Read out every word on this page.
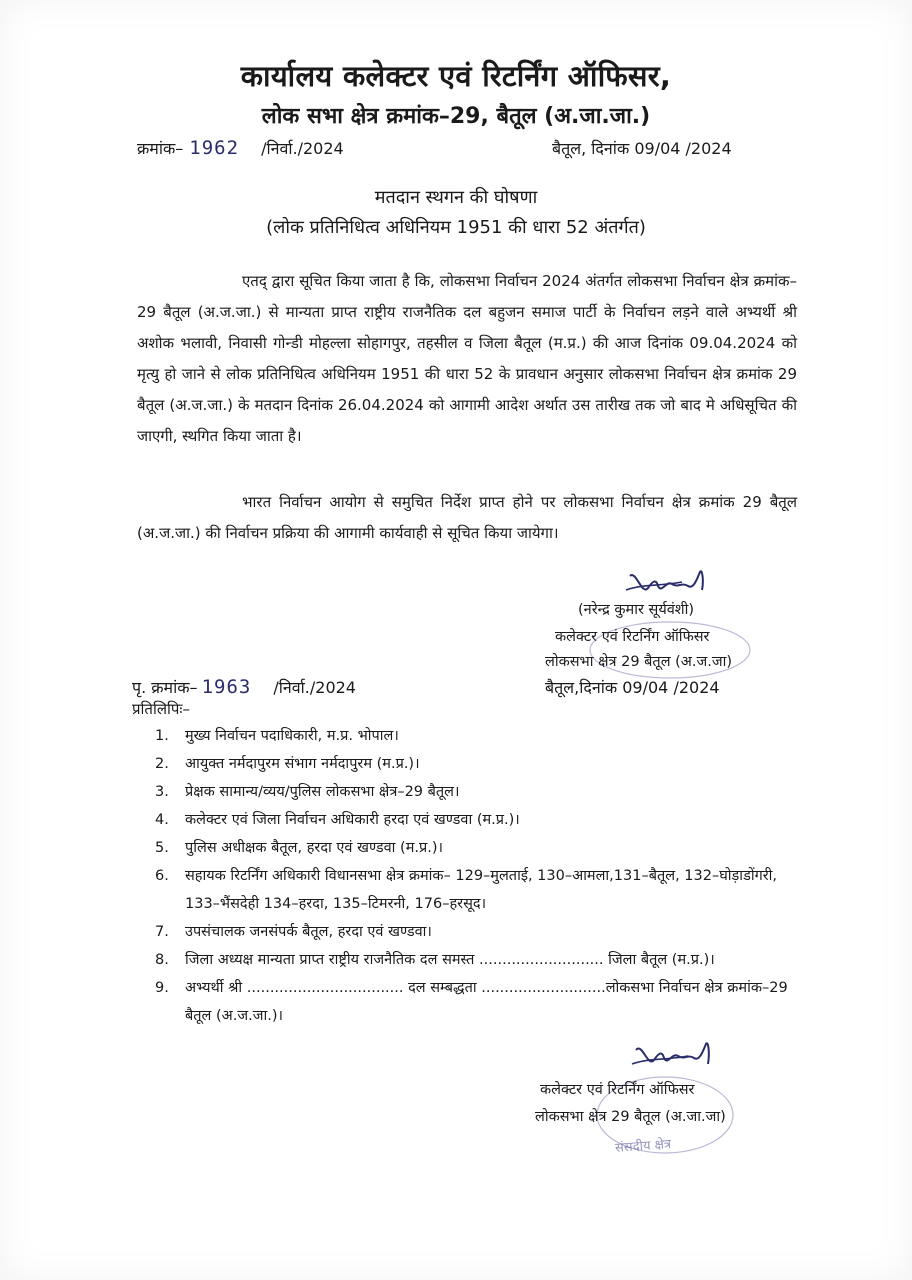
कार्यालय कलेक्टर एवं रिटर्निंग ऑफिसर,
लोक सभा क्षेत्र क्रमांक–29, बैतूल (अ.जा.जा.)
क्रमांक– 1962 /निर्वा./2024	बैतूल, दिनांक 09/04 /2024
मतदान स्थगन की घोषणा
(लोक प्रतिनिधित्व अधिनियम 1951 की धारा 52 अंतर्गत)
एतद् द्वारा सूचित किया जाता है कि, लोकसभा निर्वाचन 2024 अंतर्गत लोकसभा निर्वाचन क्षेत्र क्रमांक–29 बैतूल (अ.ज.जा.) से मान्यता प्राप्त राष्ट्रीय राजनैतिक दल बहुजन समाज पार्टी के निर्वाचन लड़ने वाले अभ्यर्थी श्री अशोक भलावी, निवासी गोन्डी मोहल्ला सोहागपुर, तहसील व जिला बैतूल (म.प्र.) की आज दिनांक 09.04.2024 को मृत्यु हो जाने से लोक प्रतिनिधित्व अधिनियम 1951 की धारा 52 के प्रावधान अनुसार लोकसभा निर्वाचन क्षेत्र क्रमांक 29 बैतूल (अ.ज.जा.) के मतदान दिनांक 26.04.2024 को आगामी आदेश अर्थात उस तारीख तक जो बाद मे अधिसूचित की जाएगी, स्थगित किया जाता है।
भारत निर्वाचन आयोग से समुचित निर्देश प्राप्त होने पर लोकसभा निर्वाचन क्षेत्र क्रमांक 29 बैतूल (अ.ज.जा.) की निर्वाचन प्रक्रिया की आगामी कार्यवाही से सूचित किया जायेगा।
(नरेन्द्र कुमार सूर्यवंशी)
कलेक्टर एवं रिटर्निंग ऑफिसर
लोकसभा क्षेत्र 29 बैतूल (अ.ज.जा)
पृ. क्रमांक– 1963 /निर्वा./2024	बैतूल,दिनांक 09/04 /2024
प्रतिलिपिः–
1. मुख्य निर्वाचन पदाधिकारी, म.प्र. भोपाल।
2. आयुक्त नर्मदापुरम संभाग नर्मदापुरम (म.प्र.)।
3. प्रेक्षक सामान्य/व्यय/पुलिस लोकसभा क्षेत्र–29 बैतूल।
4. कलेक्टर एवं जिला निर्वाचन अधिकारी हरदा एवं खण्डवा (म.प्र.)।
5. पुलिस अधीक्षक बैतूल, हरदा एवं खण्डवा (म.प्र.)।
6. सहायक रिटर्निंग अधिकारी विधानसभा क्षेत्र क्रमांक– 129–मुलताई, 130–आमला,131–बैतूल, 132–घोड़ाडोंगरी, 133–भैंसदेही 134–हरदा, 135–टिमरनी, 176–हरसूद।
7. उपसंचालक जनसंपर्क बैतूल, हरदा एवं खण्डवा।
8. जिला अध्यक्ष मान्यता प्राप्त राष्ट्रीय राजनैतिक दल समस्त ........................... जिला बैतूल (म.प्र.)।
9. अभ्यर्थी श्री .................................. दल सम्बद्धता ...........................लोकसभा निर्वाचन क्षेत्र क्रमांक–29 बैतूल (अ.ज.जा.)।
कलेक्टर एवं रिटर्निंग ऑफिसर
लोकसभा क्षेत्र 29 बैतूल (अ.जा.जा)
संसदीय क्षेत्र
